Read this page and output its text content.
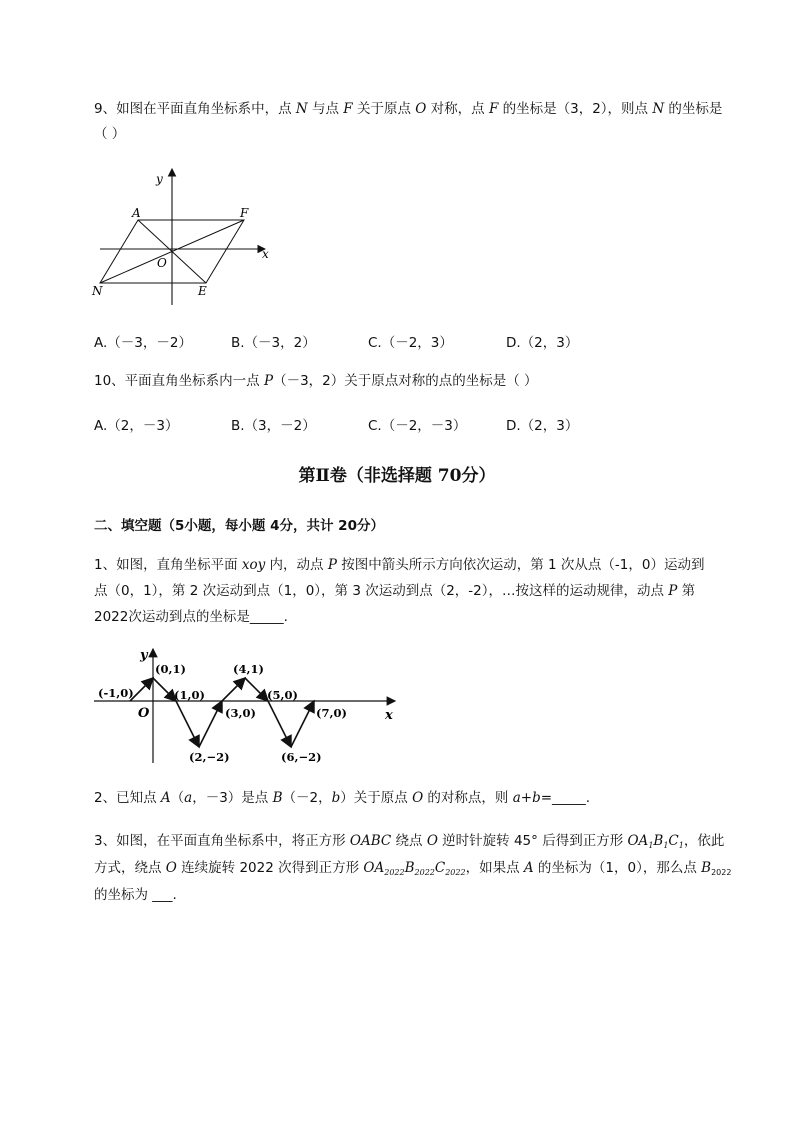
9、如图在平面直角坐标系中，点 N 与点 F 关于原点 O 对称，点 F 的坐标是（3，2），则点 N 的坐标是
（ ）
y
x
A	F
O
N	E
A.（－3，－2）	B.（－3，2）	C.（－2，3）	D.（2，3）
10、平面直角坐标系内一点 P（－3，2）关于原点对称的点的坐标是（ ）
A.（2，－3）	B.（3，－2）	C.（－2，－3）	D.（2，3）
第Ⅱ卷（非选择题 70分）
二、填空题（5小题，每小题 4分，共计 20分）
1、如图，直角坐标平面 xoy 内，动点 P 按图中箭头所示方向依次运动，第 1 次从点（-1，0）运动到
点（0，1），第 2 次运动到点（1，0），第 3 次运动到点（2，-2），…按这样的运动规律，动点 P 第
2022次运动到点的坐标是_____.
y
x
O
(-1,0)
(0,1)
(1,0)
(2,−2)
(3,0)
(4,1)
(5,0)
(6,−2)
(7,0)
2、已知点 A（a，－3）是点 B（－2，b）关于原点 O 的对称点，则 a+b=_____.
3、如图，在平面直角坐标系中，将正方形 OABC 绕点 O 逆时针旋转 45° 后得到正方形 $OA_1B_1C_1$，依此
方式，绕点 O 连续旋转 2022 次得到正方形 $OA_{2022}B_{2022}C_{2022}$，如果点 A 的坐标为（1，0），那么点 $B_{2022}$
的坐标为 ___.
